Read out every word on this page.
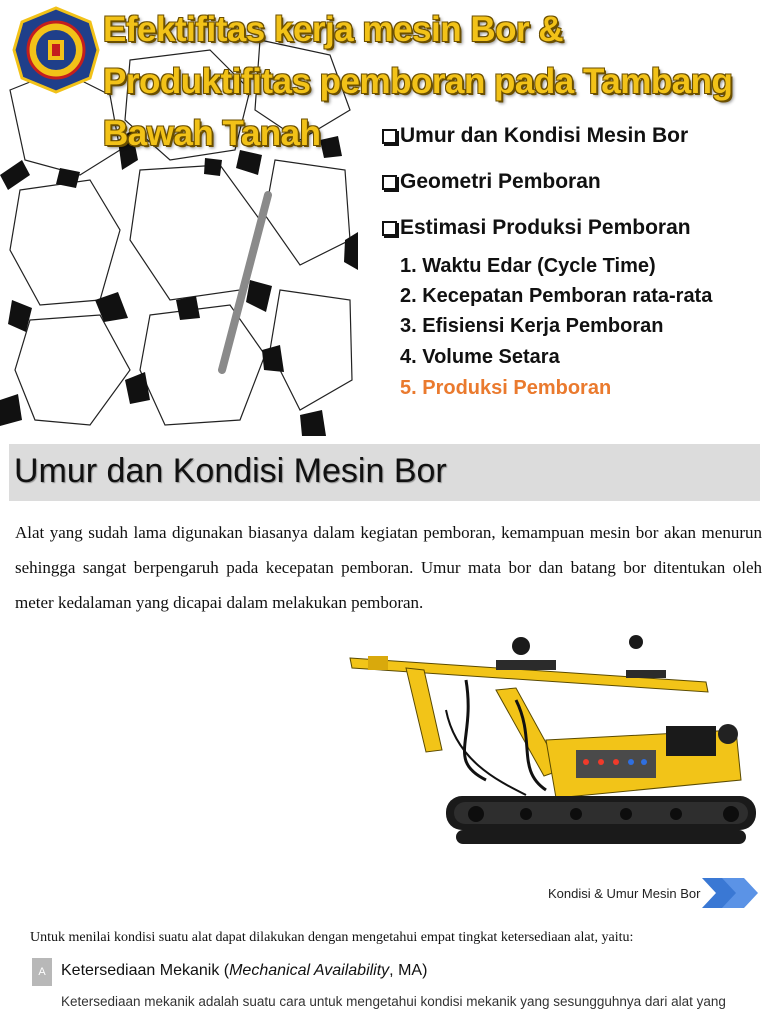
Efektifitas kerja mesin Bor &
Produktifitas pemboran pada Tambang
Bawah Tanah	Umur dan Kondisi Mesin Bor
Geometri Pemboran
Estimasi Produksi Pemboran
1. Waktu Edar (Cycle Time)
2. Kecepatan Pemboran rata-rata
3. Efisiensi Kerja Pemboran
4. Volume Setara
5. Produksi Pemboran
Umur dan Kondisi Mesin Bor

Alat yang sudah lama digunakan biasanya dalam kegiatan pemboran, kemampuan mesin bor akan menurun sehingga sangat berpengaruh pada kecepatan pemboran. Umur mata bor dan batang bor ditentukan oleh meter kedalaman yang dicapai dalam melakukan pemboran.

Kondisi & Umur Mesin Bor
Untuk menilai kondisi suatu alat dapat dilakukan dengan mengetahui empat tingkat ketersediaan alat, yaitu:
A Ketersediaan Mekanik (Mechanical Availability, MA)
Ketersediaan mekanik adalah suatu cara untuk mengetahui kondisi mekanik yang sesungguhnya dari alat yang
